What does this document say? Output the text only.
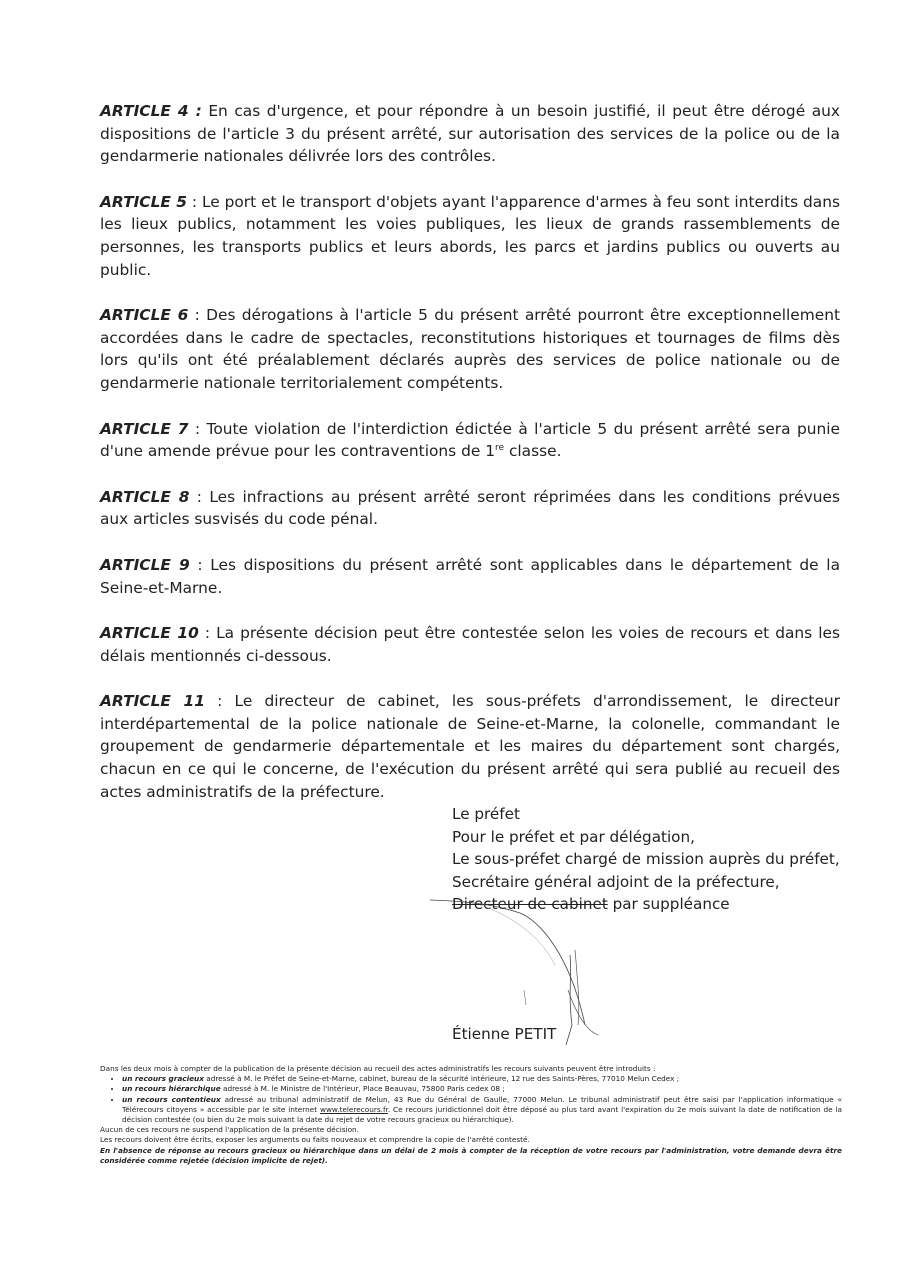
ARTICLE 4 : En cas d'urgence, et pour répondre à un besoin justifié, il peut être dérogé aux dispositions de l'article 3 du présent arrêté, sur autorisation des services de la police ou de la gendarmerie nationales délivrée lors des contrôles.

ARTICLE 5 : Le port et le transport d'objets ayant l'apparence d'armes à feu sont interdits dans les lieux publics, notamment les voies publiques, les lieux de grands rassemblements de personnes, les transports publics et leurs abords, les parcs et jardins publics ou ouverts au public.

ARTICLE 6 : Des dérogations à l'article 5 du présent arrêté pourront être exceptionnellement accordées dans le cadre de spectacles, reconstitutions historiques et tournages de films dès lors qu'ils ont été préalablement déclarés auprès des services de police nationale ou de gendarmerie nationale territorialement compétents.

ARTICLE 7 : Toute violation de l'interdiction édictée à l'article 5 du présent arrêté sera punie d'une amende prévue pour les contraventions de 1re classe.

ARTICLE 8 : Les infractions au présent arrêté seront réprimées dans les conditions prévues aux articles susvisés du code pénal.

ARTICLE 9 : Les dispositions du présent arrêté sont applicables dans le département de la Seine-et-Marne.

ARTICLE 10 : La présente décision peut être contestée selon les voies de recours et dans les délais mentionnés ci-dessous.

ARTICLE 11 : Le directeur de cabinet, les sous-préfets d'arrondissement, le directeur interdépartemental de la police nationale de Seine-et-Marne, la colonelle, commandant le groupement de gendarmerie départementale et les maires du département sont chargés, chacun en ce qui le concerne, de l'exécution du présent arrêté qui sera publié au recueil des actes administratifs de la préfecture.

Le préfet
Pour le préfet et par délégation,
Le sous-préfet chargé de mission auprès du préfet,
Secrétaire général adjoint de la préfecture,
Directeur de cabinet par suppléance
Étienne PETIT

Dans les deux mois à compter de la publication de la présente décision au recueil des actes administratifs les recours suivants peuvent être introduits :

• un recours gracieux adressé à M. le Préfet de Seine-et-Marne, cabinet, bureau de la sécurité intérieure, 12 rue des Saints-Pères, 77010 Melun Cedex ;
• un recours hiérarchique adressé à M. le Ministre de l'Intérieur, Place Beauvau, 75800 Paris cedex 08 ;
• un recours contentieux adressé au tribunal administratif de Melun, 43 Rue du Général de Gaulle, 77000 Melun. Le tribunal administratif peut être saisi par l'application informatique « Télérecours citoyens » accessible par le site internet www.telerecours.fr. Ce recours juridictionnel doit être déposé au plus tard avant l'expiration du 2e mois suivant la date de notification de la décision contestée (ou bien du 2e mois suivant la date du rejet de votre recours gracieux ou hiérarchique).

Aucun de ces recours ne suspend l'application de la présente décision.

Les recours doivent être écrits, exposer les arguments ou faits nouveaux et comprendre la copie de l'arrêté contesté.

En l'absence de réponse au recours gracieux ou hiérarchique dans un délai de 2 mois à compter de la réception de votre recours par l'administration, votre demande devra être considérée comme rejetée (décision implicite de rejet).
